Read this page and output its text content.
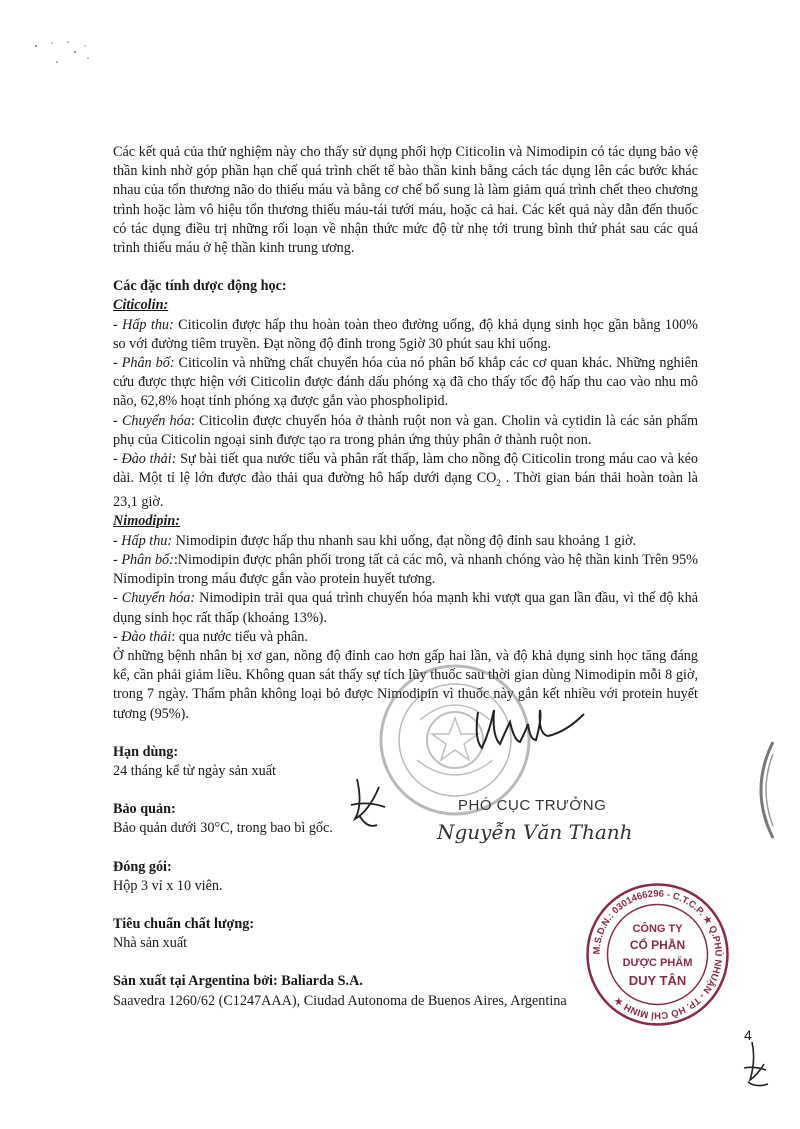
Các kết quả của thử nghiệm này cho thấy sử dụng phối hợp Citicolin và Nimodipin có tác dụng bảo vệ thần kinh nhờ góp phần hạn chế quá trình chết tế bào thần kinh bằng cách tác dụng lên các bước khác nhau của tổn thương não do thiếu máu và bằng cơ chế bổ sung là làm giảm quá trình chết theo chương trình hoặc làm vô hiệu tổn thương thiếu máu-tái tưới máu, hoặc cả hai. Các kết quả này dẫn đến thuốc có tác dụng điều trị những rối loạn về nhận thức mức độ từ nhẹ tới trung bình thứ phát sau các quá trình thiếu máu ở hệ thần kinh trung ương.

Các đặc tính dược động học:

Citicolin:

- Hấp thu: Citicolin được hấp thu hoàn toàn theo đường uống, độ khả dụng sinh học gần bằng 100% so với đường tiêm truyền. Đạt nồng độ đỉnh trong 5giờ 30 phút sau khi uống.

- Phân bố: Citicolin và những chất chuyển hóa của nó phân bố khắp các cơ quan khác. Những nghiên cứu được thực hiện với Citicolin được đánh dấu phóng xạ đã cho thấy tốc độ hấp thu cao vào nhu mô não, 62,8% hoạt tính phóng xạ được gắn vào phospholipid.

- Chuyển hóa: Citicolin được chuyển hóa ở thành ruột non và gan. Cholin và cytidin là các sản phẩm phụ của Citicolin ngoại sinh được tạo ra trong phản ứng thủy phân ở thành ruột non.

- Đào thải: Sự bài tiết qua nước tiểu và phân rất thấp, làm cho nồng độ Citicolin trong máu cao và kéo dài. Một tỉ lệ lớn được đào thải qua đường hô hấp dưới dạng $CO_2$ . Thời gian bán thải hoàn toàn là 23,1 giờ.

Nimodipin:

- Hấp thu: Nimodipin được hấp thu nhanh sau khi uống, đạt nồng độ đỉnh sau khoảng 1 giờ.

- Phân bố::Nimodipin được phân phối trong tất cả các mô, và nhanh chóng vào hệ thần kinh Trên 95% Nimodipin trong máu được gắn vào protein huyết tương.

- Chuyển hóa: Nimodipin trải qua quá trình chuyển hóa mạnh khi vượt qua gan lần đầu, vì thế độ khả dụng sinh học rất thấp (khoảng 13%).

- Đào thải: qua nước tiểu và phân.

Ở những bệnh nhân bị xơ gan, nồng độ đỉnh cao hơn gấp hai lần, và độ khả dụng sinh học tăng đáng kể, cần phải giảm liều. Không quan sát thấy sự tích lũy thuốc sau thời gian dùng Nimodipin mỗi 8 giờ, trong 7 ngày. Thẩm phân không loại bỏ được Nimodipin vì thuốc này gắn kết nhiều với protein huyết tương (95%).

Hạn dùng:

24 tháng kể từ ngày sản xuất

Bảo quản:

Bảo quản dưới 30°C, trong bao bì gốc.

Đóng gói:

Hộp 3 vỉ x 10 viên.

Tiêu chuẩn chất lượng:

Nhà sản xuất

Sản xuất tại Argentina bởi: Baliarda S.A.

Saavedra 1260/62 (C1247AAA), Ciudad Autonoma de Buenos Aires, Argentina

PHÓ CỤC TRƯỞNG
Nguyễn Văn Thanh
M.S.D.N.: 0301466296 - C.T.C.P. ★ Q.PHÚ NHUẬN - TP. HỒ CHÍ MINH ★
CÔNG TY
CỔ PHẦN
DƯỢC PHẨM
DUY TÂN
4
